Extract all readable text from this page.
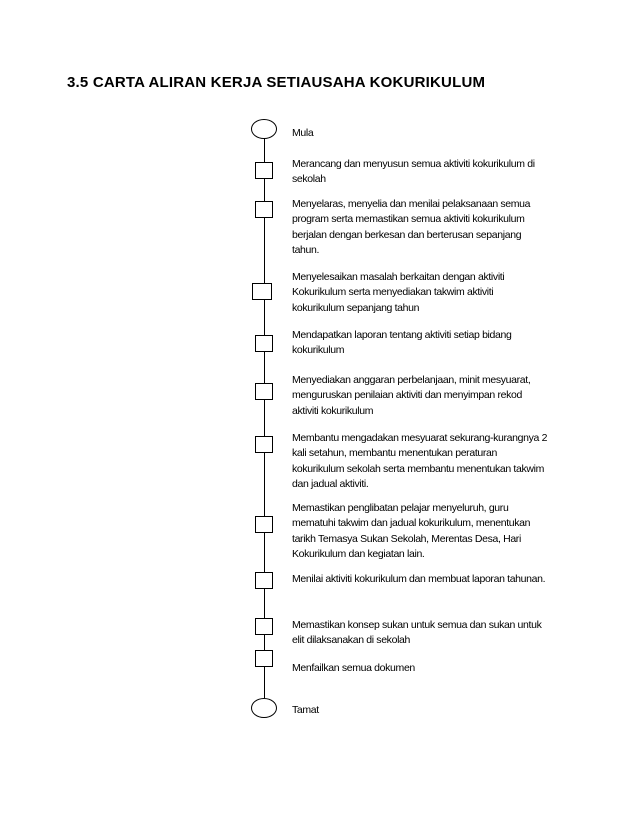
3.5 CARTA ALIRAN KERJA SETIAUSAHA KOKURIKULUM
Mula
Merancang dan menyusun semua aktiviti kokurikulum di
sekolah
Menyelaras, menyelia dan menilai pelaksanaan semua
program serta memastikan semua aktiviti kokurikulum
berjalan dengan berkesan dan berterusan sepanjang
tahun.
Menyelesaikan masalah berkaitan dengan aktiviti
Kokurikulum serta menyediakan takwim aktiviti
kokurikulum sepanjang tahun
Mendapatkan laporan tentang aktiviti setiap bidang
kokurikulum
Menyediakan anggaran perbelanjaan, minit mesyuarat,
menguruskan penilaian aktiviti dan menyimpan rekod
aktiviti kokurikulum
Membantu mengadakan mesyuarat sekurang-kurangnya 2
kali setahun, membantu menentukan peraturan
kokurikulum sekolah serta membantu menentukan takwim
dan jadual aktiviti.
Memastikan penglibatan pelajar menyeluruh, guru
mematuhi takwim dan jadual kokurikulum, menentukan
tarikh Temasya Sukan Sekolah, Merentas Desa, Hari
Kokurikulum dan kegiatan lain.
Menilai aktiviti kokurikulum dan membuat laporan tahunan.
Memastikan konsep sukan untuk semua dan sukan untuk
elit dilaksanakan di sekolah
Menfailkan semua dokumen
Tamat
